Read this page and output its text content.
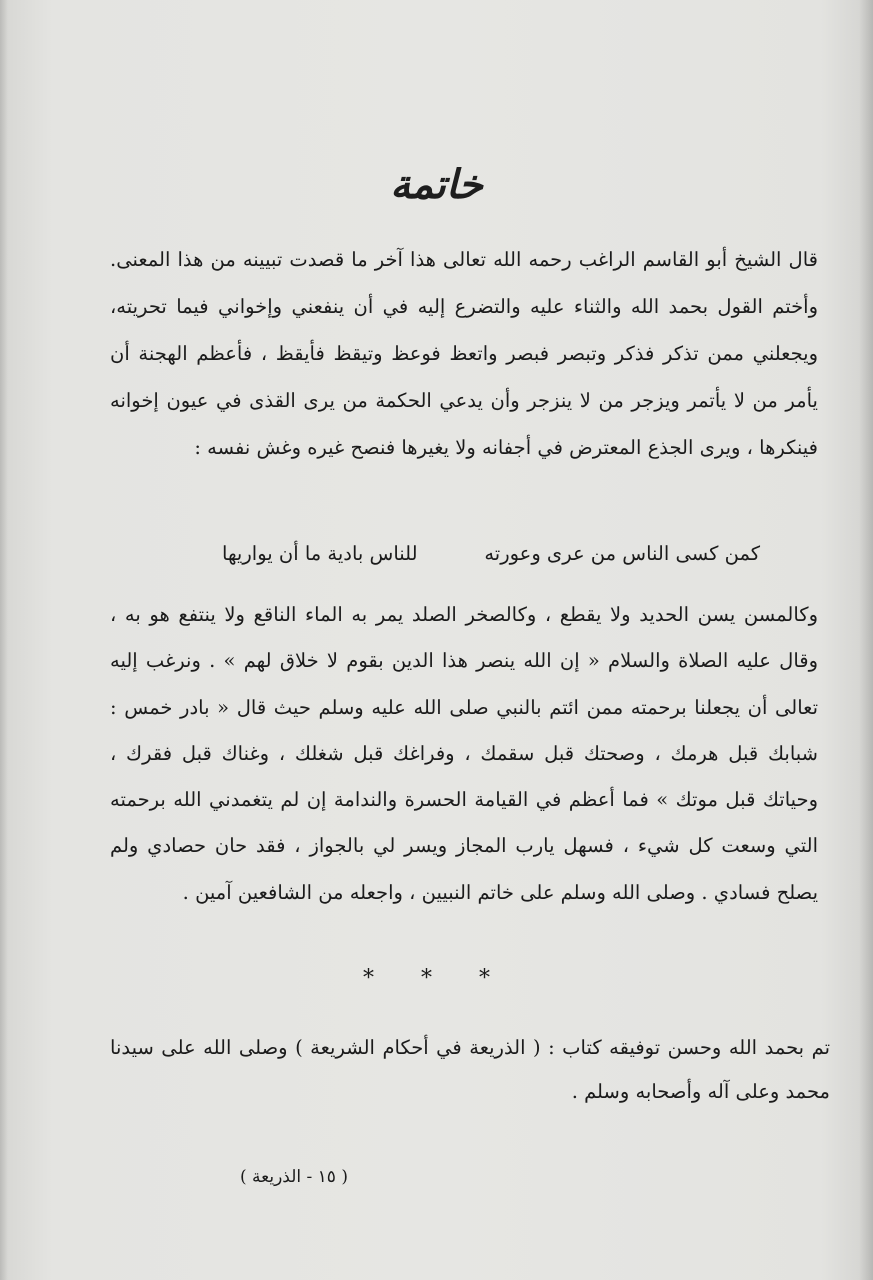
خاتمة
قال الشيخ أبو القاسم الراغب رحمه الله تعالى هذا آخر ما قصدت تبيينه من هذا المعنى. وأختم القول بحمد الله والثناء عليه والتضرع إليه في أن ينفعني وإخواني فيما تحريته، ويجعلني ممن تذكر فذكر وتبصر فبصر واتعظ فوعظ وتيقظ فأيقظ ، فأعظم الهجنة أن يأمر من لا يأتمر ويزجر من لا ينزجر وأن يدعي الحكمة من يرى القذى في عيون إخوانه فينكرها ، ويرى الجذع المعترض في أجفانه ولا يغيرها فنصح غيره وغش نفسه :
كمن كسى الناس من عرى وعورته
للناس بادية ما أن يواريها
وكالمسن يسن الحديد ولا يقطع ، وكالصخر الصلد يمر به الماء الناقع ولا ينتفع هو به ، وقال عليه الصلاة والسلام « إن الله ينصر هذا الدين بقوم لا خلاق لهم » . ونرغب إليه تعالى أن يجعلنا برحمته ممن ائتم بالنبي صلى الله عليه وسلم حيث قال « بادر خمس : شبابك قبل هرمك ، وصحتك قبل سقمك ، وفراغك قبل شغلك ، وغناك قبل فقرك ، وحياتك قبل موتك » فما أعظم في القيامة الحسرة والندامة إن لم يتغمدني الله برحمته التي وسعت كل شيء ، فسهل يارب المجاز ويسر لي بالجواز ، فقد حان حصادي ولم يصلح فسادي . وصلى الله وسلم على خاتم النبيين ، واجعله من الشافعين آمين .
* * *
تم بحمد الله وحسن توفيقه كتاب : ( الذريعة في أحكام الشريعة ) وصلى الله على سيدنا محمد وعلى آله وأصحابه وسلم .
( ١٥ - الذريعة )
